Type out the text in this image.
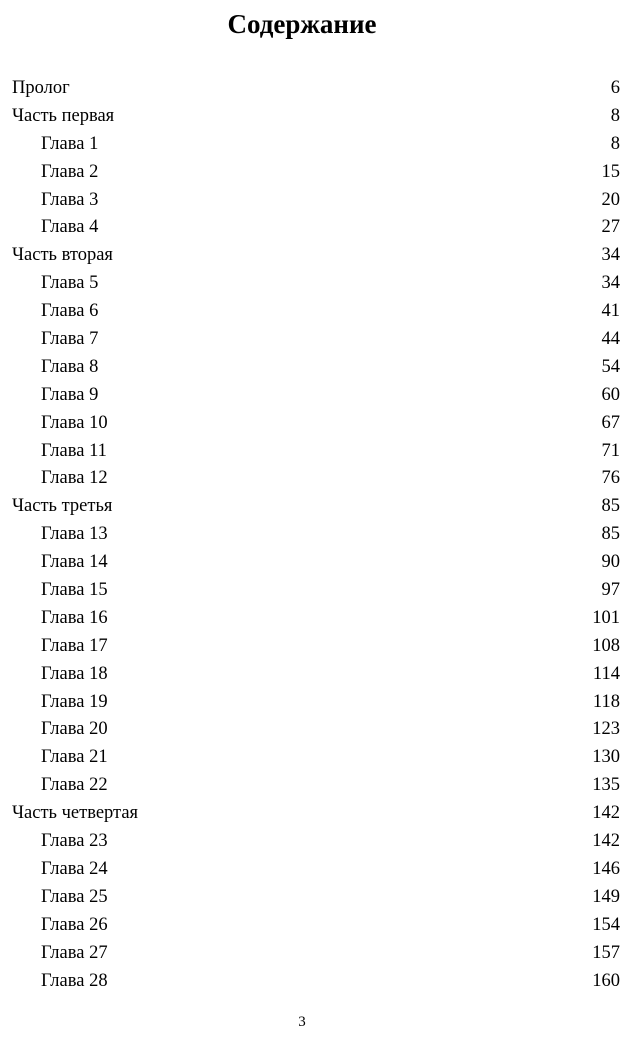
Содержание
Пролог	6
Часть первая	8
Глава 1	8
Глава 2	15
Глава 3	20
Глава 4	27
Часть вторая	34
Глава 5	34
Глава 6	41
Глава 7	44
Глава 8	54
Глава 9	60
Глава 10	67
Глава 11	71
Глава 12	76
Часть третья	85
Глава 13	85
Глава 14	90
Глава 15	97
Глава 16	101
Глава 17	108
Глава 18	114
Глава 19	118
Глава 20	123
Глава 21	130
Глава 22	135
Часть четвертая	142
Глава 23	142
Глава 24	146
Глава 25	149
Глава 26	154
Глава 27	157
Глава 28	160
3
